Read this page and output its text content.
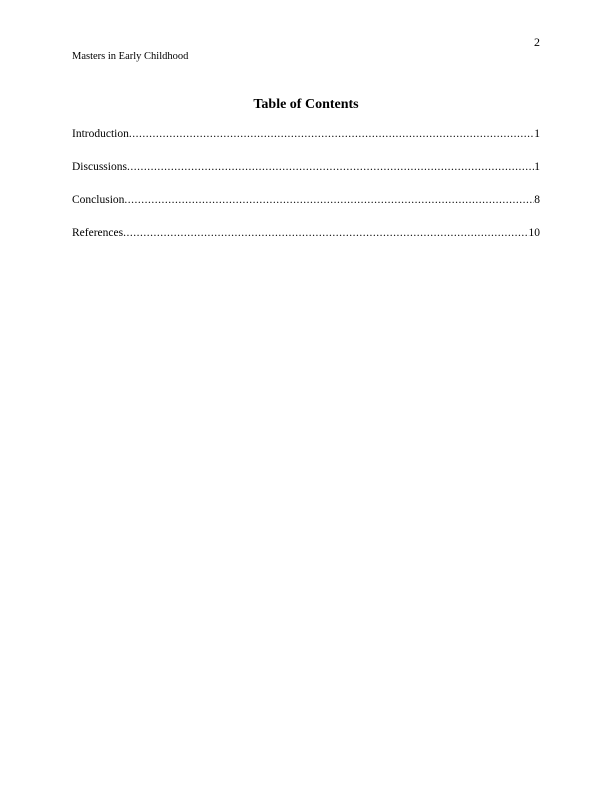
2
Masters in Early Childhood
Table of Contents
Introduction .....	1
Discussions .....	1
Conclusion .....	8
References .....	10
